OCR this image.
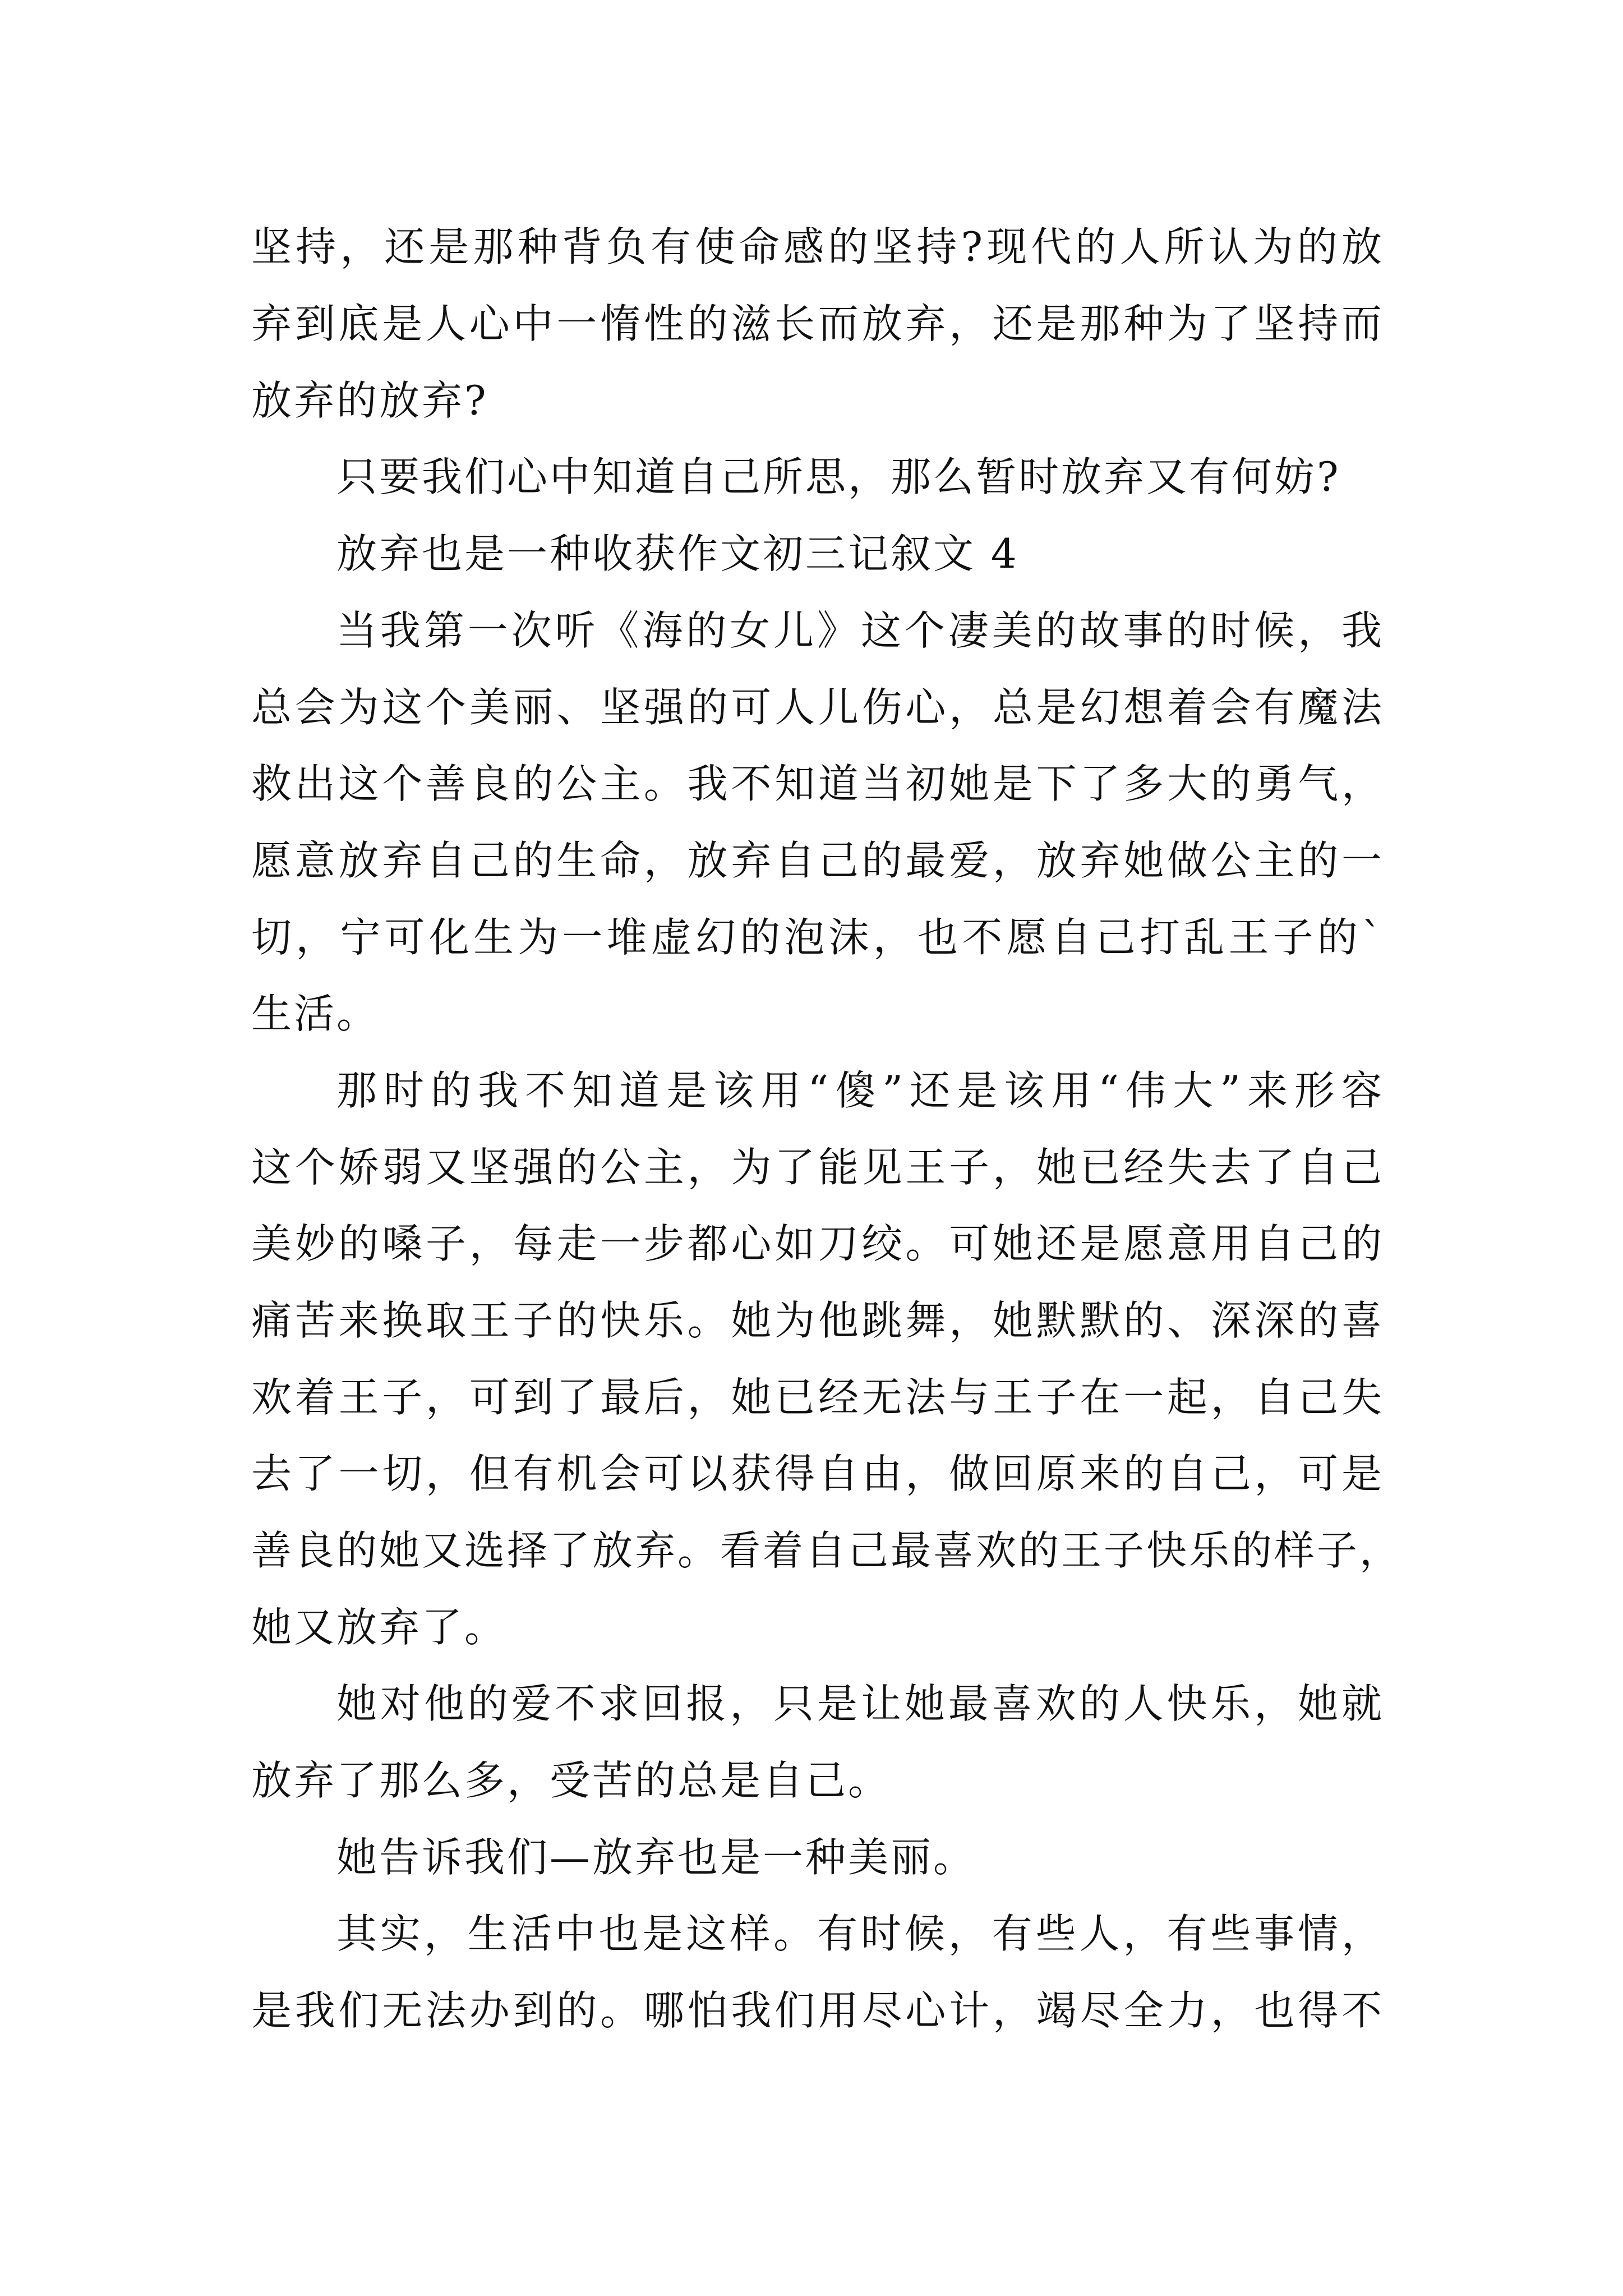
坚持，还是那种背负有使命感的坚持?现代的人所认为的放

弃到底是人心中一惰性的滋长而放弃，还是那种为了坚持而

放弃的放弃?

只要我们心中知道自己所思，那么暂时放弃又有何妨?

放弃也是一种收获作文初三记叙文 4

当我第一次听《海的女儿》这个凄美的故事的时候，我

总会为这个美丽、坚强的可人儿伤心，总是幻想着会有魔法

救出这个善良的公主。我不知道当初她是下了多大的勇气，

愿意放弃自己的生命，放弃自己的最爱，放弃她做公主的一

切，宁可化生为一堆虚幻的泡沫，也不愿自己打乱王子的`

生活。

那时的我不知道是该用“傻”还是该用“伟大”来形容

这个娇弱又坚强的公主，为了能见王子，她已经失去了自己

美妙的嗓子，每走一步都心如刀绞。可她还是愿意用自己的

痛苦来换取王子的快乐。她为他跳舞，她默默的、深深的喜

欢着王子，可到了最后，她已经无法与王子在一起，自己失

去了一切，但有机会可以获得自由，做回原来的自己，可是

善良的她又选择了放弃。看着自己最喜欢的王子快乐的样子，

她又放弃了。

她对他的爱不求回报，只是让她最喜欢的人快乐，她就

放弃了那么多，受苦的总是自己。

她告诉我们—放弃也是一种美丽。

其实，生活中也是这样。有时候，有些人，有些事情，

是我们无法办到的。哪怕我们用尽心计，竭尽全力，也得不
